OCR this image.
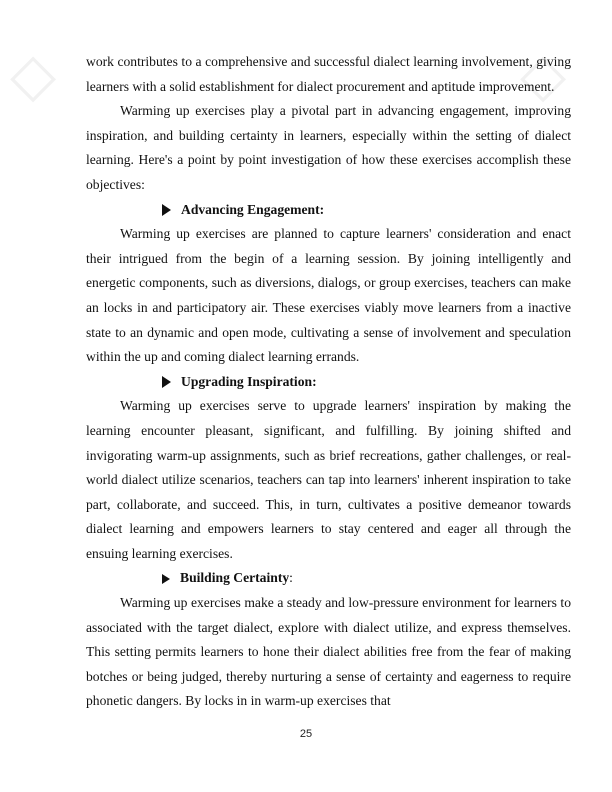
◇	◇

work contributes to a comprehensive and successful dialect learning involvement, giving learners with a solid establishment for dialect procurement and aptitude improvement.

Warming up exercises play a pivotal part in advancing engagement, improving inspiration, and building certainty in learners, especially within the setting of dialect learning. Here's a point by point investigation of how these exercises accomplish these objectives:

Advancing Engagement:

Warming up exercises are planned to capture learners' consideration and enact their intrigued from the begin of a learning session. By joining intelligently and energetic components, such as diversions, dialogs, or group exercises, teachers can make an locks in and participatory air. These exercises viably move learners from a inactive state to an dynamic and open mode, cultivating a sense of involvement and speculation within the up and coming dialect learning errands.

Upgrading Inspiration:

Warming up exercises serve to upgrade learners' inspiration by making the learning encounter pleasant, significant, and fulfilling. By joining shifted and invigorating warm-up assignments, such as brief recreations, gather challenges, or real-world dialect utilize scenarios, teachers can tap into learners' inherent inspiration to take part, collaborate, and succeed. This, in turn, cultivates a positive demeanor towards dialect learning and empowers learners to stay centered and eager all through the ensuing learning exercises.

Building Certainty :

Warming up exercises make a steady and low-pressure environment for learners to associated with the target dialect, explore with dialect utilize, and express themselves. This setting permits learners to hone their dialect abilities free from the fear of making botches or being judged, thereby nurturing a sense of certainty and eagerness to require phonetic dangers. By locks in in warm-up exercises that

25
